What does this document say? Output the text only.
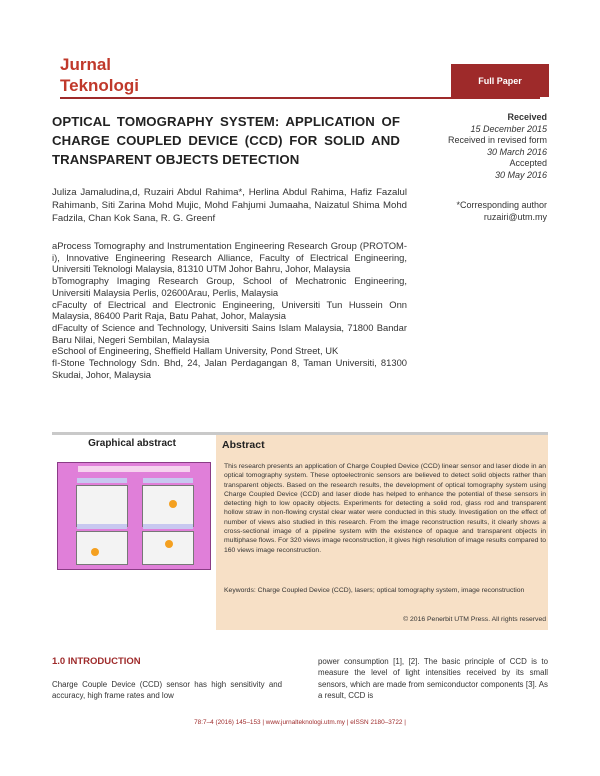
Jurnal
Teknologi	Full Paper
OPTICAL TOMOGRAPHY SYSTEM: APPLICATION OF CHARGE COUPLED DEVICE (CCD) FOR SOLID AND TRANSPARENT OBJECTS DETECTION
Received
15 December 2015
Received in revised form
30 March 2016
Accepted
30 May 2016
*Corresponding author
ruzairi@utm.my
Juliza Jamaludina,d, Ruzairi Abdul Rahima*, Herlina Abdul Rahima, Hafiz Fazalul Rahimanb, Siti Zarina Mohd Mujic, Mohd Fahjumi Jumaaha, Naizatul Shima Mohd Fadzila, Chan Kok Sana, R. G. Greenf

aProcess Tomography and Instrumentation Engineering Research Group (PROTOM-i), Innovative Engineering Research Alliance, Faculty of Electrical Engineering, Universiti Teknologi Malaysia, 81310 UTM Johor Bahru, Johor, Malaysia

bTomography Imaging Research Group, School of Mechatronic Engineering, Universiti Malaysia Perlis, 02600Arau, Perlis, Malaysia

cFaculty of Electrical and Electronic Engineering, Universiti Tun Hussein Onn Malaysia, 86400 Parit Raja, Batu Pahat, Johor, Malaysia

dFaculty of Science and Technology, Universiti Sains Islam Malaysia, 71800 Bandar Baru Nilai, Negeri Sembilan, Malaysia

eSchool of Engineering, Sheffield Hallam University, Pond Street, UK

fI-Stone Technology Sdn. Bhd, 24, Jalan Perdagangan 8, Taman Universiti, 81300 Skudai, Johor, Malaysia

Graphical abstract	Abstract
This research presents an application of Charge Coupled Device (CCD) linear sensor and laser diode in an optical tomography system. These optoelectronic sensors are believed to detect solid objects rather than transparent objects. Based on the research results, the development of optical tomography system using Charge Coupled Device (CCD) and laser diode has helped to enhance the potential of these sensors in detecting high to low opacity objects. Experiments for detecting a solid rod, glass rod and transparent hollow straw in non-flowing crystal clear water were conducted in this study. Investigation on the effect of number of views also studied in this research. From the image reconstruction results, it clearly shows a cross-sectional image of a pipeline system with the existence of opaque and transparent objects in multiphase flows. For 320 views image reconstruction, it gives high resolution of image results compared to 160 views image reconstruction.
Keywords: Charge Coupled Device (CCD), lasers; optical tomography system, image reconstruction
© 2016 Penerbit UTM Press. All rights reserved
1.0 INTRODUCTION
Charge Couple Device (CCD) sensor has high sensitivity and accuracy, high frame rates and low
power consumption [1], [2]. The basic principle of CCD is to measure the level of light intensities received by its small sensors, which are made from semiconductor components [3]. As a result, CCD is
78:7–4 (2016) 145–153 | www.jurnalteknologi.utm.my | eISSN 2180–3722 |
